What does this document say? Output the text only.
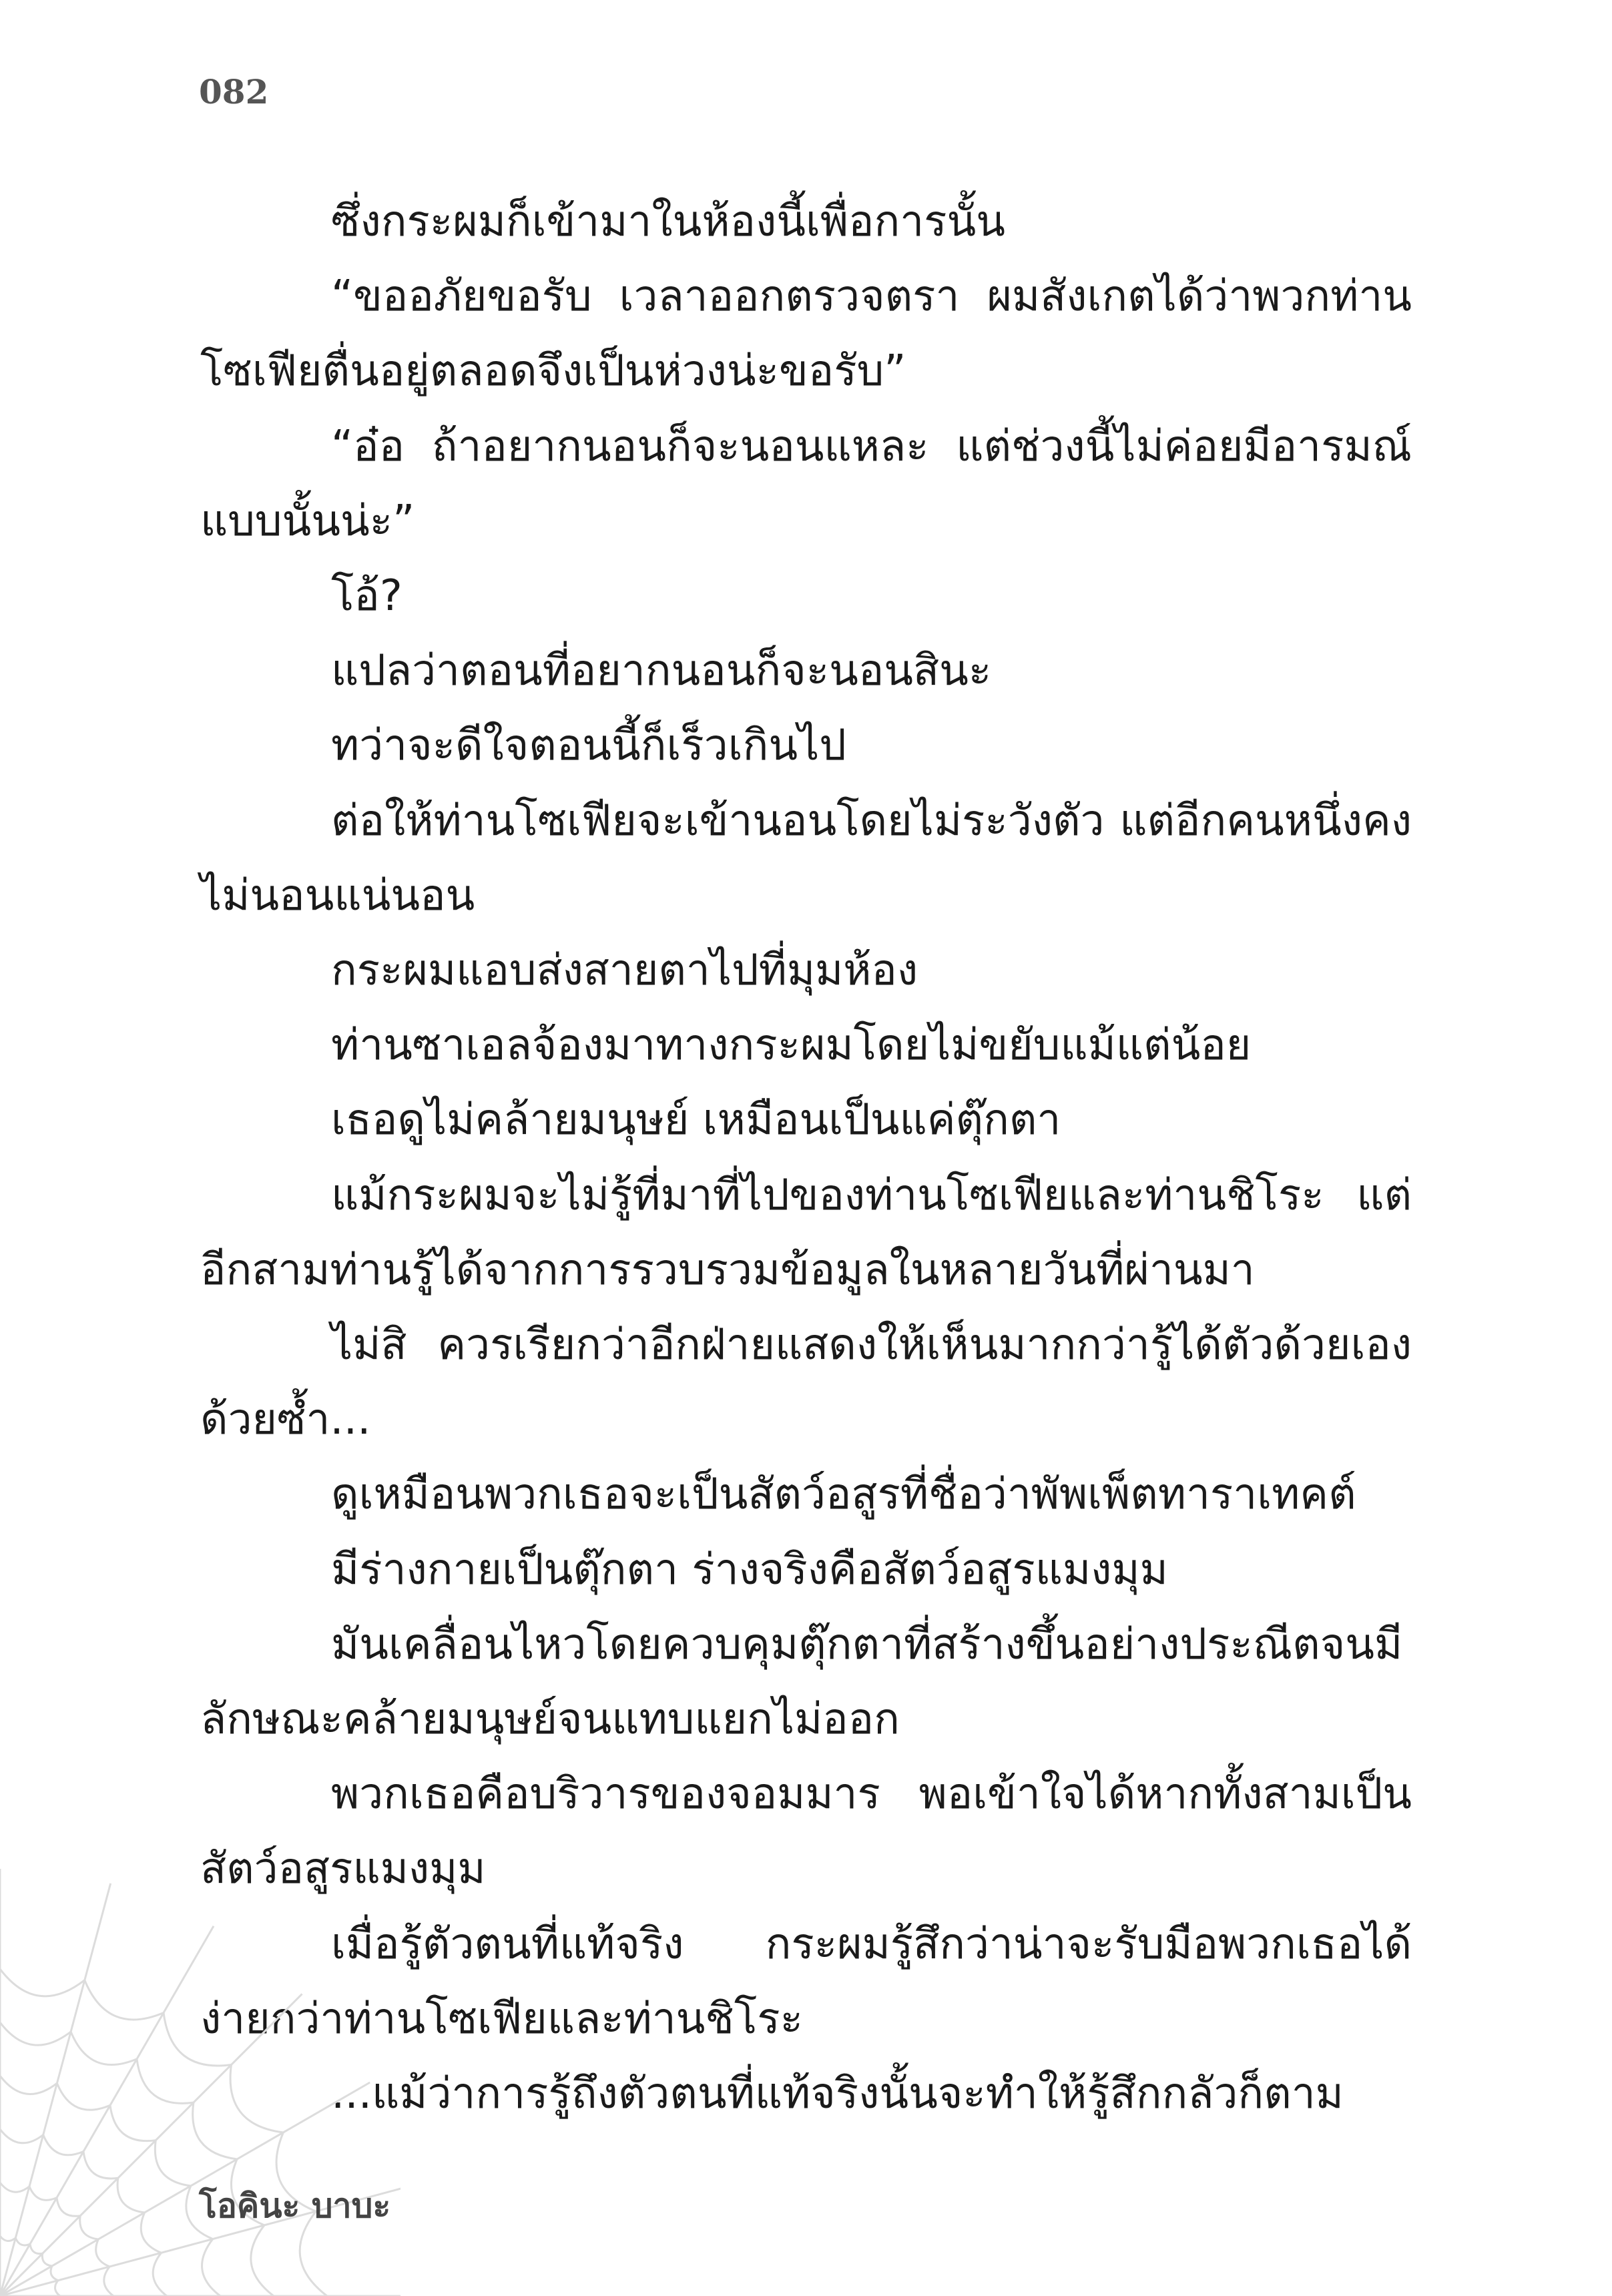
082

ซึ่งกระผมก็เข้ามาในห้องนี้เพื่อการนั้น

“ขออภัยขอรับ เวลาออกตรวจตรา ผมสังเกตได้ว่าพวกท่านโซเฟียตื่นอยู่ตลอดจึงเป็นห่วงน่ะขอรับ”

“อ๋อ ถ้าอยากนอนก็จะนอนแหละ แต่ช่วงนี้ไม่ค่อยมีอารมณ์แบบนั้นน่ะ”

โอ้?

แปลว่าตอนที่อยากนอนก็จะนอนสินะ

ทว่าจะดีใจตอนนี้ก็เร็วเกินไป

ต่อให้ท่านโซเฟียจะเข้านอนโดยไม่ระวังตัว แต่อีกคนหนึ่งคงไม่นอนแน่นอน

กระผมแอบส่งสายตาไปที่มุมห้อง

ท่านซาเอลจ้องมาทางกระผมโดยไม่ขยับแม้แต่น้อย

เธอดูไม่คล้ายมนุษย์ เหมือนเป็นแค่ตุ๊กตา

แม้กระผมจะไม่รู้ที่มาที่ไปของท่านโซเฟียและท่านชิโระ แต่อีกสามท่านรู้ได้จากการรวบรวมข้อมูลในหลายวันที่ผ่านมา

ไม่สิ ควรเรียกว่าอีกฝ่ายแสดงให้เห็นมากกว่ารู้ได้ตัวด้วยเองด้วยซ้ำ...

ดูเหมือนพวกเธอจะเป็นสัตว์อสูรที่ชื่อว่าพัพเพ็ตทาราเทคต์

มีร่างกายเป็นตุ๊กตา ร่างจริงคือสัตว์อสูรแมงมุม

มันเคลื่อนไหวโดยควบคุมตุ๊กตาที่สร้างขึ้นอย่างประณีตจนมีลักษณะคล้ายมนุษย์จนแทบแยกไม่ออก

พวกเธอคือบริวารของจอมมาร พอเข้าใจได้หากทั้งสามเป็นสัตว์อสูรแมงมุม

เมื่อรู้ตัวตนที่แท้จริง กระผมรู้สึกว่าน่าจะรับมือพวกเธอได้ง่ายกว่าท่านโซเฟียและท่านชิโระ

...แม้ว่าการรู้ถึงตัวตนที่แท้จริงนั้นจะทำให้รู้สึกกลัวก็ตาม

โอคินะ บาบะ
